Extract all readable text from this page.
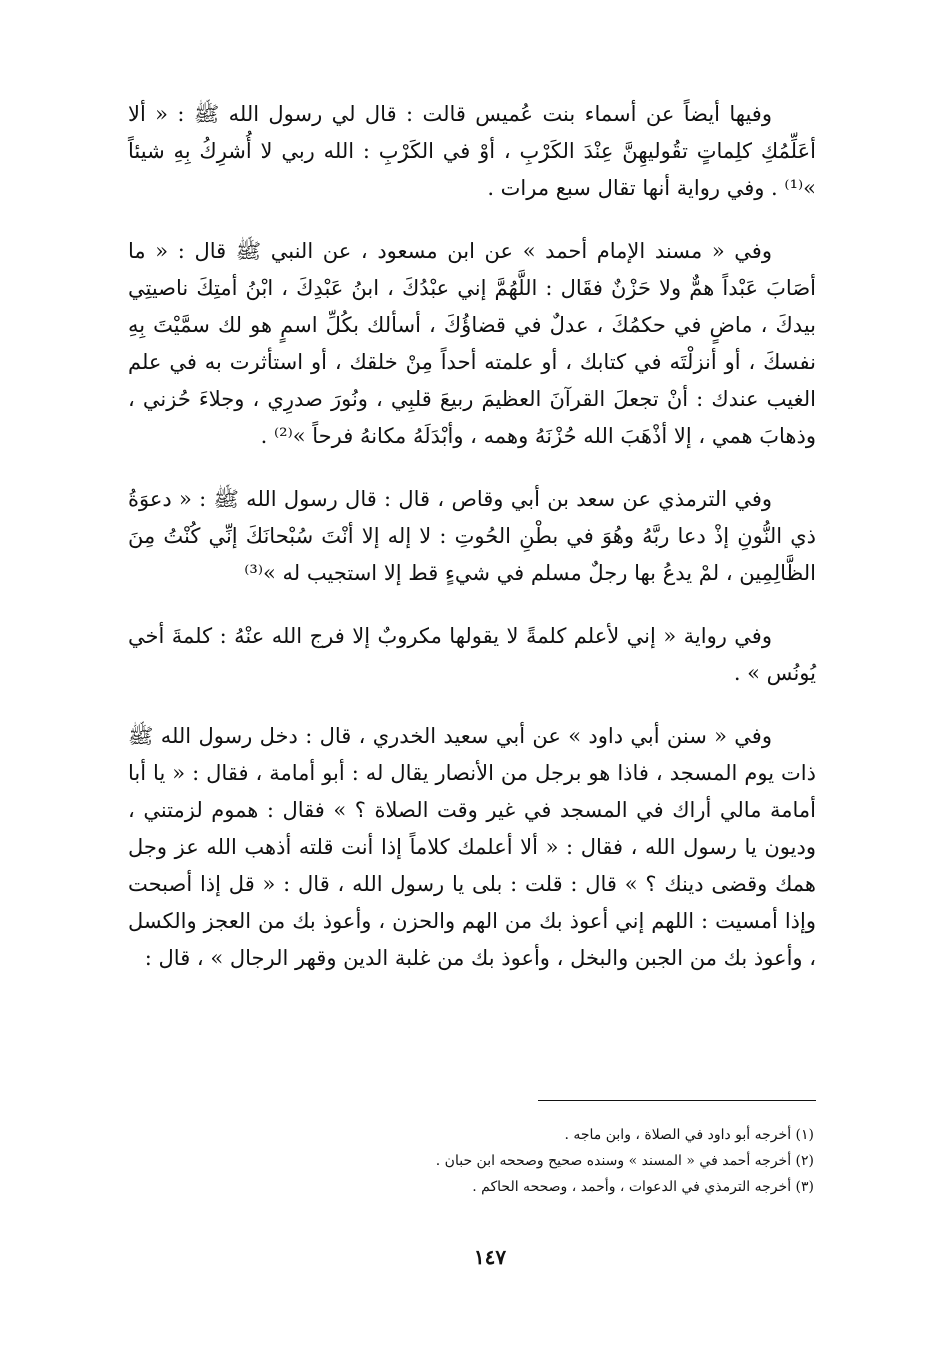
وفيها أيضاً عن أسماء بنت عُميس قالت : قال لي رسول الله ﷺ : « ألا أعَلِّمُكِ كلِماتٍ تقُوليهِنَّ عِنْدَ الكَرْبِ ، أوْ في الكَرْبِ : الله ربي لا أُشرِكُ بِهِ شيئاً »⁽¹⁾ . وفي رواية أنها تقال سبع مرات .

وفي « مسند الإمام أحمد » عن ابن مسعود ، عن النبي ﷺ قال : « ما أصَابَ عَبْداً همٌّ ولا حَزْنٌ فقَال : اللَّهُمَّ إني عبْدُكَ ، ابنُ عَبْدِكَ ، ابْنُ أمتِكَ ناصيتِي بيدكَ ، ماضٍ في حكمُكَ ، عدلٌ في قضاؤُكَ ، أسألك بكُلِّ اسمٍ هو لك سمَّيْتَ بِهِ نفسكَ ، أو أنزلْتَه في كتابك ، أو علمته أحداً مِنْ خلقك ، أو استأثرت به في علم الغيب عندك : أنْ تجعلَ القرآنَ العظيمَ ربيعَ قلبِي ، ونُورَ صدرِي ، وجلاءَ حُزني ، وذهابَ همي ، إلا أذْهَبَ الله حُزْنَهُ وهمه ، وأبْدَلَهُ مكانهُ فرحاً »⁽²⁾ .

وفي الترمذي عن سعد بن أبي وقاص ، قال : قال رسول الله ﷺ : « دعوَةُ ذي النُّونِ إذْ دعا ربَّهُ وهُوَ في بطْنِ الحُوتِ : لا إله إلا أنْتَ سُبْحانَكَ إنِّي كُنْتُ مِنَ الظَّالِمِين ، لمْ يدعُ بها رجلٌ مسلم في شيءٍ قط إلا استجيب له »⁽³⁾

وفي رواية « إني لأعلم كلمةً لا يقولها مكروبٌ إلا فرج الله عنْهُ : كلمةَ أخي يُونُس » .

وفي « سنن أبي داود » عن أبي سعيد الخدري ، قال : دخل رسول الله ﷺ ذات يوم المسجد ، فاذا هو برجل من الأنصار يقال له : أبو أمامة ، فقال : « يا أبا أمامة مالي أراك في المسجد في غير وقت الصلاة ؟ » فقال : هموم لزمتني ، وديون يا رسول الله ، فقال : « ألا أعلمك كلاماً إذا أنت قلته أذهب الله عز وجل همك وقضى دينك ؟ » قال : قلت : بلى يا رسول الله ، قال : « قل إذا أصبحت وإذا أمسيت : اللهم إني أعوذ بك من الهم والحزن ، وأعوذ بك من العجز والكسل ، وأعوذ بك من الجبن والبخل ، وأعوذ بك من غلبة الدين وقهر الرجال » ، قال :

(١) أخرجه أبو داود في الصلاة ، وابن ماجه .

(٢) أخرجه أحمد في « المسند » وسنده صحيح وصححه ابن حبان .

(٣) أخرجه الترمذي في الدعوات ، وأحمد ، وصححه الحاكم .

١٤٧
